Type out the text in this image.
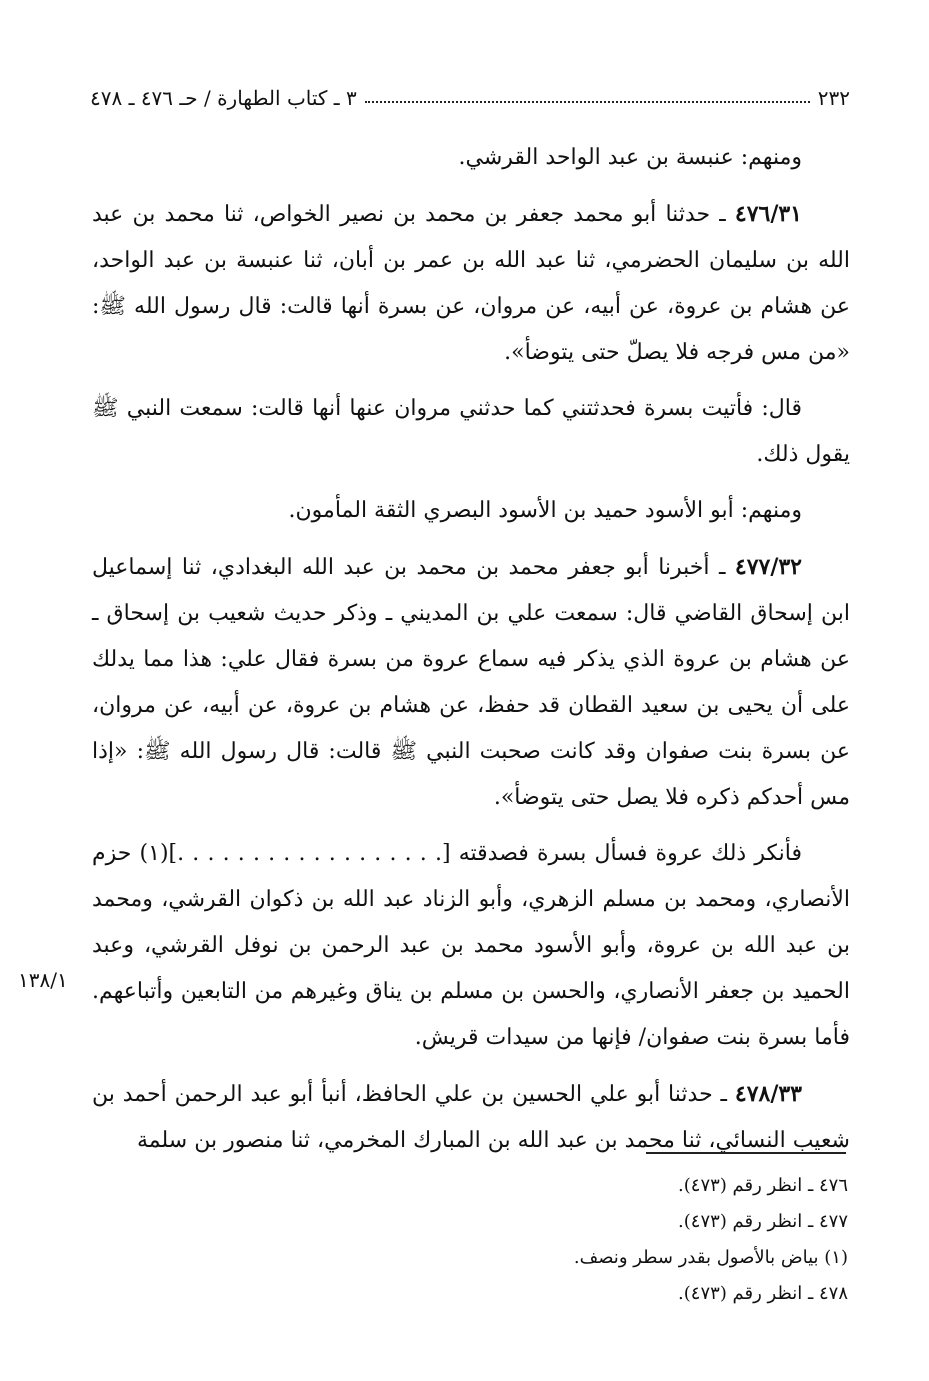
٢٣٢
٣ ـ كتاب الطهارة / حـ ٤٧٦ ـ ٤٧٨

ومنهم: عنبسة بن عبد الواحد القرشي.

٤٧٦/٣١ ـ حدثنا أبو محمد جعفر بن محمد بن نصير الخواص، ثنا محمد بن عبد الله بن سليمان الحضرمي، ثنا عبد الله بن عمر بن أبان، ثنا عنبسة بن عبد الواحد، عن هشام بن عروة، عن أبيه، عن مروان، عن بسرة أنها قالت: قال رسول الله ﷺ: «من مس فرجه فلا يصلّ حتى يتوضأ».

قال: فأتيت بسرة فحدثتني كما حدثني مروان عنها أنها قالت: سمعت النبي ﷺ يقول ذلك.

ومنهم: أبو الأسود حميد بن الأسود البصري الثقة المأمون.

٤٧٧/٣٢ ـ أخبرنا أبو جعفر محمد بن محمد بن عبد الله البغدادي، ثنا إسماعيل ابن إسحاق القاضي قال: سمعت علي بن المديني ـ وذكر حديث شعيب بن إسحاق ـ عن هشام بن عروة الذي يذكر فيه سماع عروة من بسرة فقال علي: هذا مما يدلك على أن يحيى بن سعيد القطان قد حفظ، عن هشام بن عروة، عن أبيه، عن مروان، عن بسرة بنت صفوان وقد كانت صحبت النبي ﷺ قالت: قال رسول الله ﷺ: «إذا مس أحدكم ذكره فلا يصل حتى يتوضأ».

فأنكر ذلك عروة فسأل بسرة فصدقته [. . . . . . . . . . . . . . . . . .](١) حزم الأنصاري، ومحمد بن مسلم الزهري، وأبو الزناد عبد الله بن ذكوان القرشي، ومحمد بن عبد الله بن عروة، وأبو الأسود محمد بن عبد الرحمن بن نوفل القرشي، وعبد الحميد بن جعفر الأنصاري، والحسن بن مسلم بن يناق وغيرهم من التابعين وأتباعهم. فأما بسرة بنت صفوان/ فإنها من سيدات قريش.

٤٧٨/٣٣ ـ حدثنا أبو علي الحسين بن علي الحافظ، أنبأ أبو عبد الرحمن أحمد بن شعيب النسائي، ثنا محمد بن عبد الله بن المبارك المخرمي، ثنا منصور بن سلمة

١٣٨/١
٤٧٦ ـ انظر رقم (٤٧٣).
٤٧٧ ـ انظر رقم (٤٧٣).
(١) بياض بالأصول بقدر سطر ونصف.
٤٧٨ ـ انظر رقم (٤٧٣).
